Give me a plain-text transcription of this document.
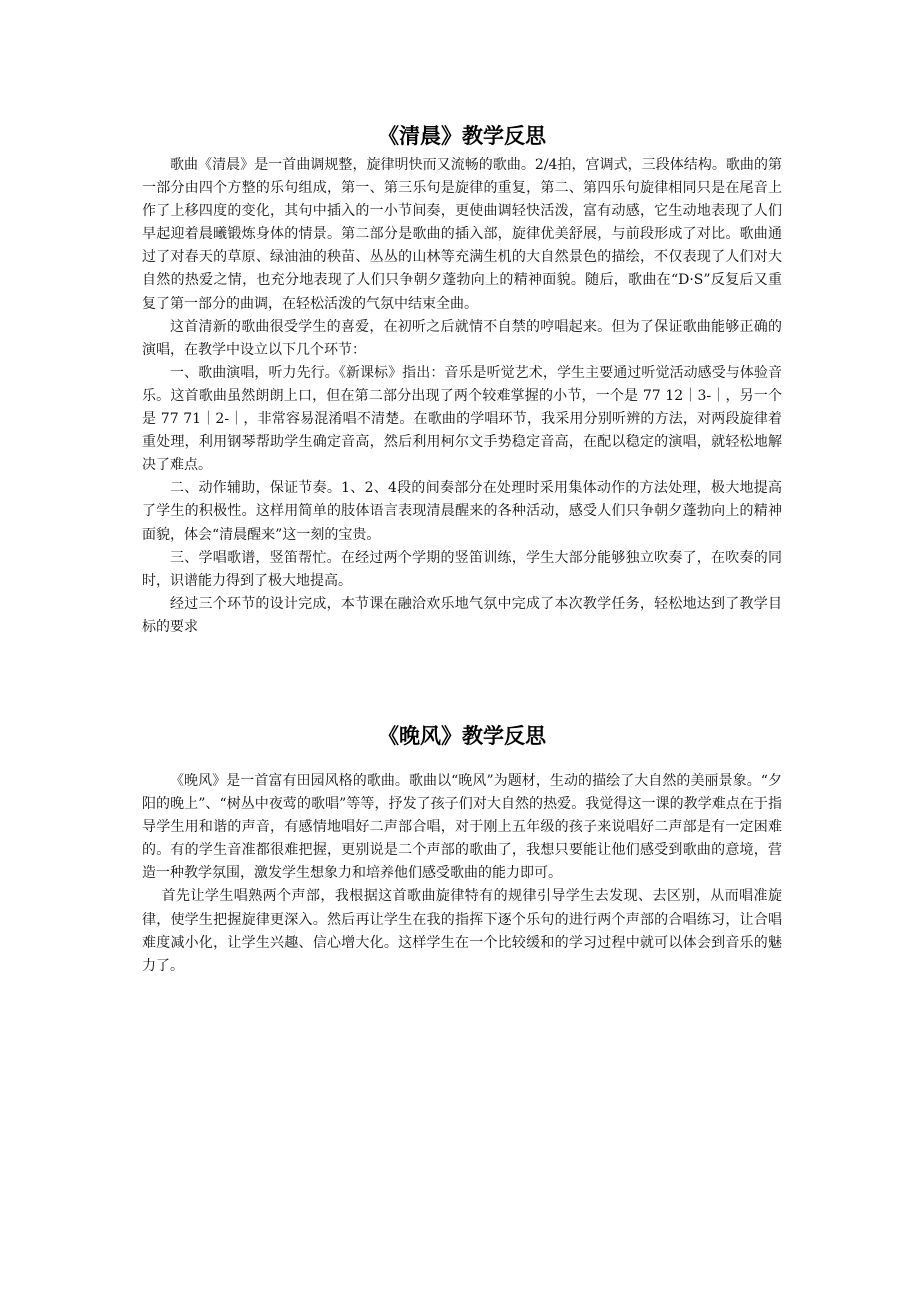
《清晨》教学反思

歌曲《清晨》是一首曲调规整，旋律明快而又流畅的歌曲。2/4拍，宫调式，三段体结构。歌曲的第一部分由四个方整的乐句组成，第一、第三乐句是旋律的重复，第二、第四乐句旋律相同只是在尾音上作了上移四度的变化，其句中插入的一小节间奏，更使曲调轻快活泼，富有动感，它生动地表现了人们早起迎着晨曦锻炼身体的情景。第二部分是歌曲的插入部，旋律优美舒展，与前段形成了对比。歌曲通过了对春天的草原、绿油油的秧苗、丛丛的山林等充满生机的大自然景色的描绘，不仅表现了人们对大自然的热爱之情，也充分地表现了人们只争朝夕蓬勃向上的精神面貌。随后，歌曲在“D·S”反复后又重复了第一部分的曲调，在轻松活泼的气氛中结束全曲。

这首清新的歌曲很受学生的喜爱，在初听之后就情不自禁的哼唱起来。但为了保证歌曲能够正确的演唱，在教学中设立以下几个环节：

一、歌曲演唱，听力先行。《新课标》指出：音乐是听觉艺术，学生主要通过听觉活动感受与体验音乐。这首歌曲虽然朗朗上口，但在第二部分出现了两个较难掌握的小节，一个是 77 12｜3-｜，另一个是 77 71｜2-｜，非常容易混淆唱不清楚。在歌曲的学唱环节，我采用分别听辨的方法，对两段旋律着重处理，利用钢琴帮助学生确定音高，然后利用柯尔文手势稳定音高，在配以稳定的演唱，就轻松地解决了难点。

二、动作辅助，保证节奏。1、2、4段的间奏部分在处理时采用集体动作的方法处理，极大地提高了学生的积极性。这样用简单的肢体语言表现清晨醒来的各种活动，感受人们只争朝夕蓬勃向上的精神面貌，体会“清晨醒来”这一刻的宝贵。

三、学唱歌谱，竖笛帮忙。在经过两个学期的竖笛训练，学生大部分能够独立吹奏了，在吹奏的同时，识谱能力得到了极大地提高。

经过三个环节的设计完成，本节课在融洽欢乐地气氛中完成了本次教学任务，轻松地达到了教学目标的要求

《晚风》教学反思

《晚风》是一首富有田园风格的歌曲。歌曲以“晚风”为题材，生动的描绘了大自然的美丽景象。“夕阳的晚上”、“树丛中夜莺的歌唱”等等，抒发了孩子们对大自然的热爱。我觉得这一课的教学难点在于指导学生用和谐的声音，有感情地唱好二声部合唱，对于刚上五年级的孩子来说唱好二声部是有一定困难的。有的学生音准都很难把握，更别说是二个声部的歌曲了，我想只要能让他们感受到歌曲的意境，营造一种教学氛围，激发学生想象力和培养他们感受歌曲的能力即可。

首先让学生唱熟两个声部，我根据这首歌曲旋律特有的规律引导学生去发现、去区别，从而唱准旋律，使学生把握旋律更深入。然后再让学生在我的指挥下逐个乐句的进行两个声部的合唱练习，让合唱难度减小化，让学生兴趣、信心增大化。这样学生在一个比较缓和的学习过程中就可以体会到音乐的魅力了。
